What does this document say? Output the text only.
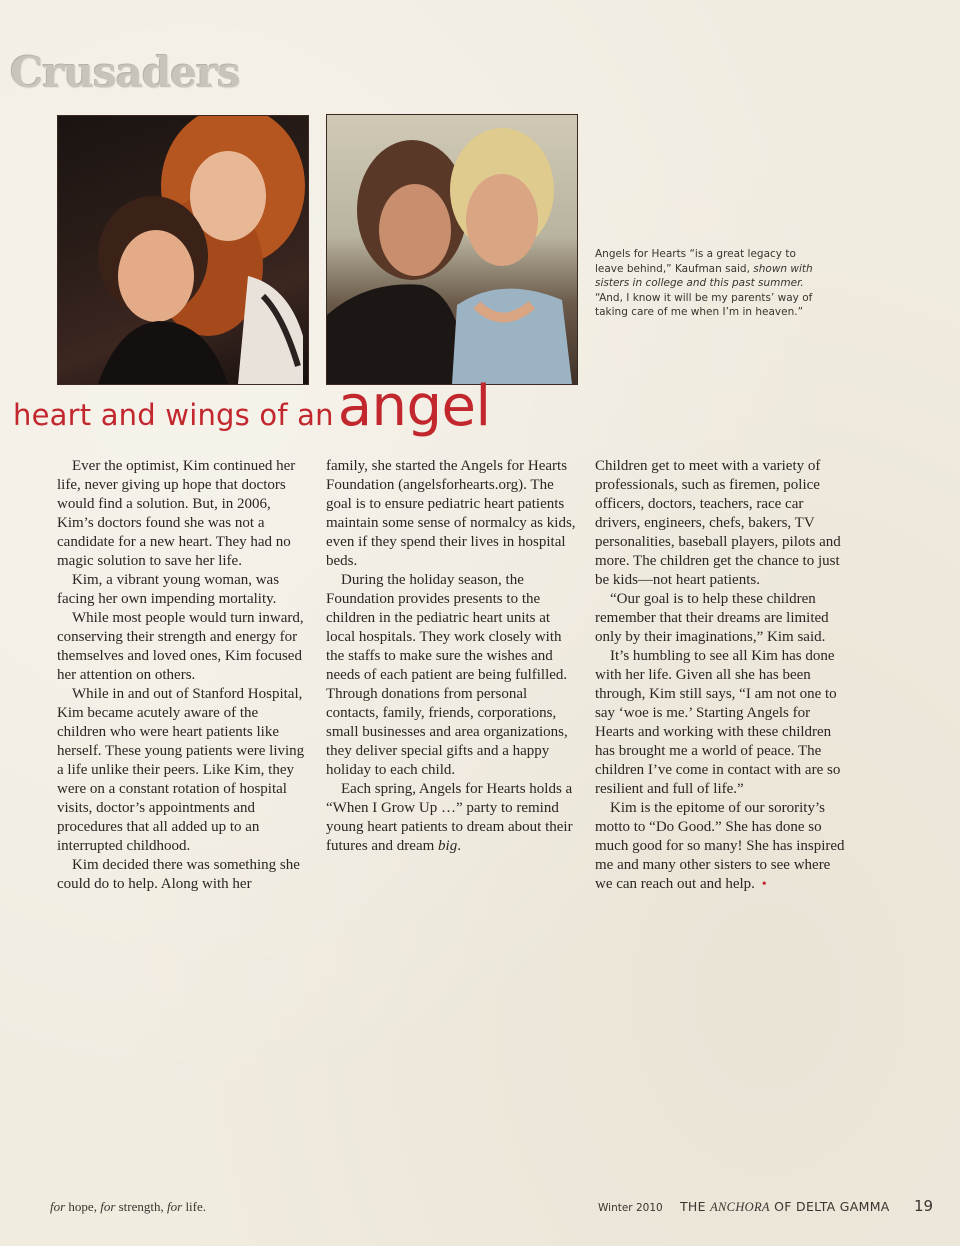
Crusaders
Angels for Hearts “is a great legacy to leave behind,” Kaufman said, shown with sisters in college and this past summer. “And, I know it will be my parents’ way of taking care of me when I’m in heaven.”
heart and wings of anangel

Ever the optimist, Kim continued her life, never giving up hope that doctors would find a solution. But, in 2006, Kim’s doctors found she was not a candidate for a new heart. They had no magic solution to save her life.

Kim, a vibrant young woman, was facing her own impending mortality.

While most people would turn inward, conserving their strength and energy for themselves and loved ones, Kim focused her attention on others.

While in and out of Stanford Hospital, Kim became acutely aware of the children who were heart patients like herself. These young patients were living a life unlike their peers. Like Kim, they were on a constant rotation of hospital visits, doctor’s appointments and procedures that all added up to an interrupted childhood.

Kim decided there was something she could do to help. Along with her

family, she started the Angels for Hearts Foundation (angelsforhearts.org). The goal is to ensure pediatric heart patients maintain some sense of normalcy as kids, even if they spend their lives in hospital beds.

During the holiday season, the Foundation provides presents to the children in the pediatric heart units at local hospitals. They work closely with the staffs to make sure the wishes and needs of each patient are being fulfilled. Through donations from personal contacts, family, friends, corporations, small businesses and area organizations, they deliver special gifts and a happy holiday to each child.

Each spring, Angels for Hearts holds a “When I Grow Up …” party to remind young heart patients to dream about their futures and dream big.

Children get to meet with a variety of professionals, such as firemen, police officers, doctors, teachers, race car drivers, engineers, chefs, bakers, TV personalities, baseball players, pilots and more. The children get the chance to just be kids—not heart patients.

“Our goal is to help these children remember that their dreams are limited only by their imaginations,” Kim said.

It’s humbling to see all Kim has done with her life. Given all she has been through, Kim still says, “I am not one to say ‘woe is me.’ Starting Angels for Hearts and working with these children has brought me a world of peace. The children I’ve come in contact with are so resilient and full of life.”

Kim is the epitome of our sorority’s motto to “Do Good.” She has done so much good for so many! She has inspired me and many other sisters to see where we can reach out and help. •

for hope, for strength, for life.	Winter 2010 THE ANCHORA OF DELTA GAMMA 19
